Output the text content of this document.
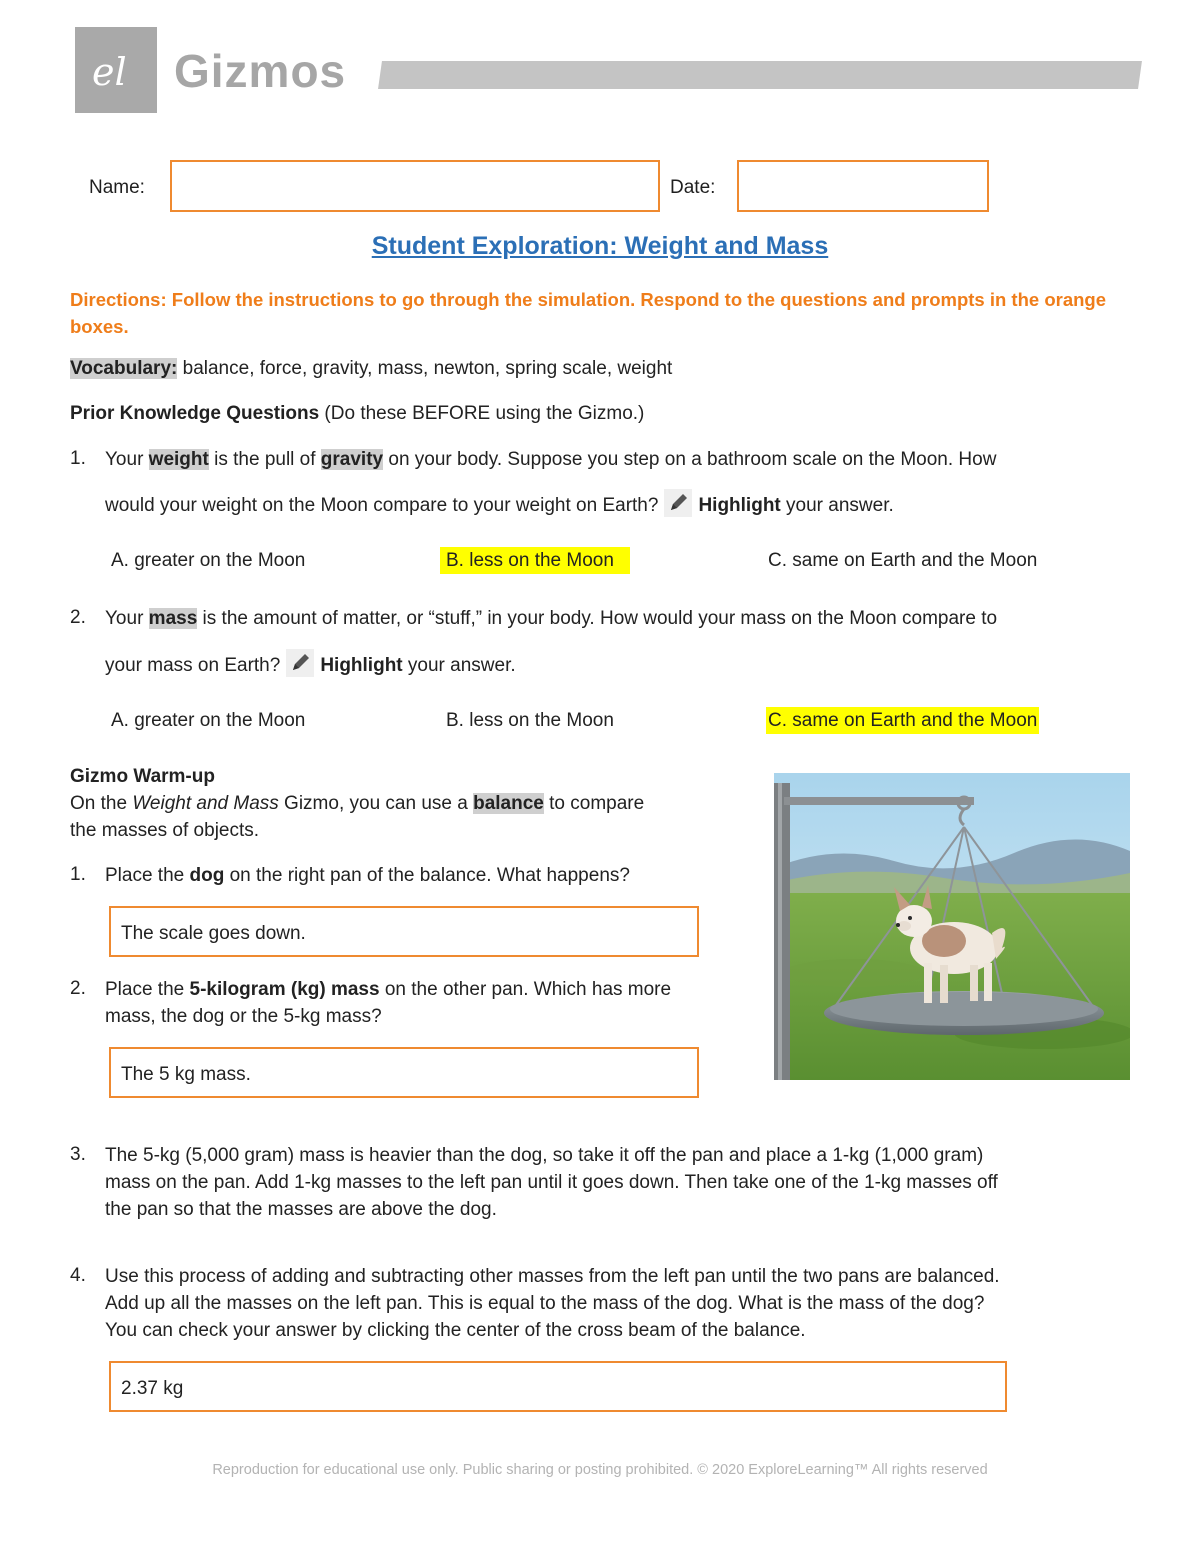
el Gizmos
Name:	Date:
Student Exploration: Weight and Mass
Directions: Follow the instructions to go through the simulation. Respond to the questions and prompts in the orange boxes.
Vocabulary: balance, force, gravity, mass, newton, spring scale, weight
Prior Knowledge Questions (Do these BEFORE using the Gizmo.)
1. Your weight is the pull of gravity on your body. Suppose you step on a bathroom scale on the Moon. How
would your weight on the Moon compare to your weight on Earth? Highlight your answer.
A. greater on the Moon	B. less on the Moon	C. same on Earth and the Moon
2. Your mass is the amount of matter, or “stuff,” in your body. How would your mass on the Moon compare to
your mass on Earth? Highlight your answer.
A. greater on the Moon	B. less on the Moon	C. same on Earth and the Moon
Gizmo Warm-up
On the Weight and Mass Gizmo, you can use a balance to compare
the masses of objects.
1. Place the dog on the right pan of the balance. What happens?
The scale goes down.
2. Place the 5-kilogram (kg) mass on the other pan. Which has more
mass, the dog or the 5-kg mass?
The 5 kg mass.
3. The 5-kg (5,000 gram) mass is heavier than the dog, so take it off the pan and place a 1-kg (1,000 gram)
mass on the pan. Add 1-kg masses to the left pan until it goes down. Then take one of the 1-kg masses off
the pan so that the masses are above the dog.
4. Use this process of adding and subtracting other masses from the left pan until the two pans are balanced.
Add up all the masses on the left pan. This is equal to the mass of the dog. What is the mass of the dog?
You can check your answer by clicking the center of the cross beam of the balance.
2.37 kg
Reproduction for educational use only. Public sharing or posting prohibited. © 2020 ExploreLearning™ All rights reserved
